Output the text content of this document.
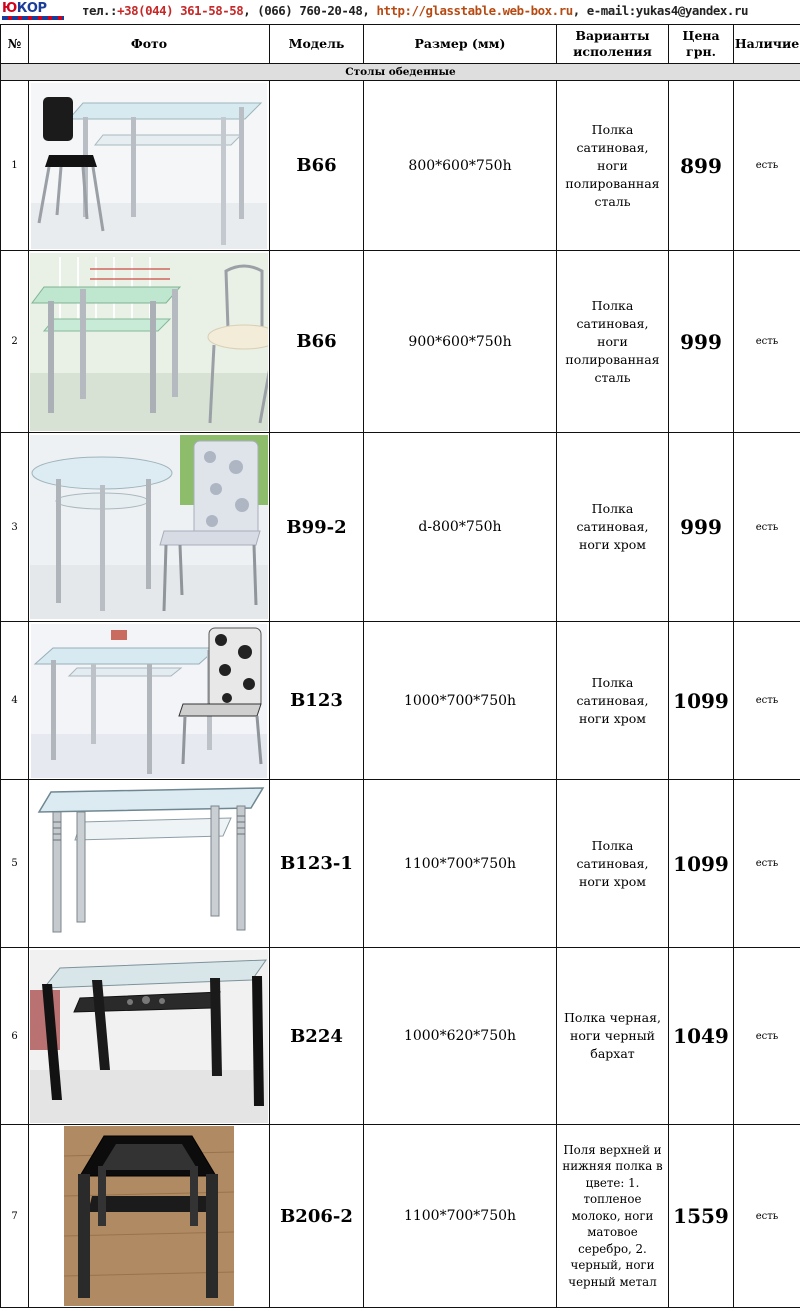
ЮКОР	тел.:+38(044) 361-58-58, (066) 760-20-48, http://glasstable.web-box.ru, e-mail:yukas4@yandex.ru
№	Фото	Модель	Размер (мм)	Варианты исполения	Цена грн.	Наличие
Столы обеденные						
1		В66	800*600*750h	Полка сатиновая, ноги полированная сталь	899	есть
2		В66	900*600*750h	Полка сатиновая, ноги полированная сталь	999	есть
3		В99-2	d-800*750h	Полка сатиновая, ноги хром	999	есть
4		В123	1000*700*750h	Полка сатиновая, ноги хром	1099	есть
5		В123-1	1100*700*750h	Полка сатиновая, ноги хром	1099	есть
6		В224	1000*620*750h	Полка черная, ноги черный бархат	1049	есть
7		В206-2	1100*700*750h	Поля верхней и нижняя полка в цвете: 1. топленое молоко, ноги матовое серебро, 2. черный, ноги черный метал	1559	есть
